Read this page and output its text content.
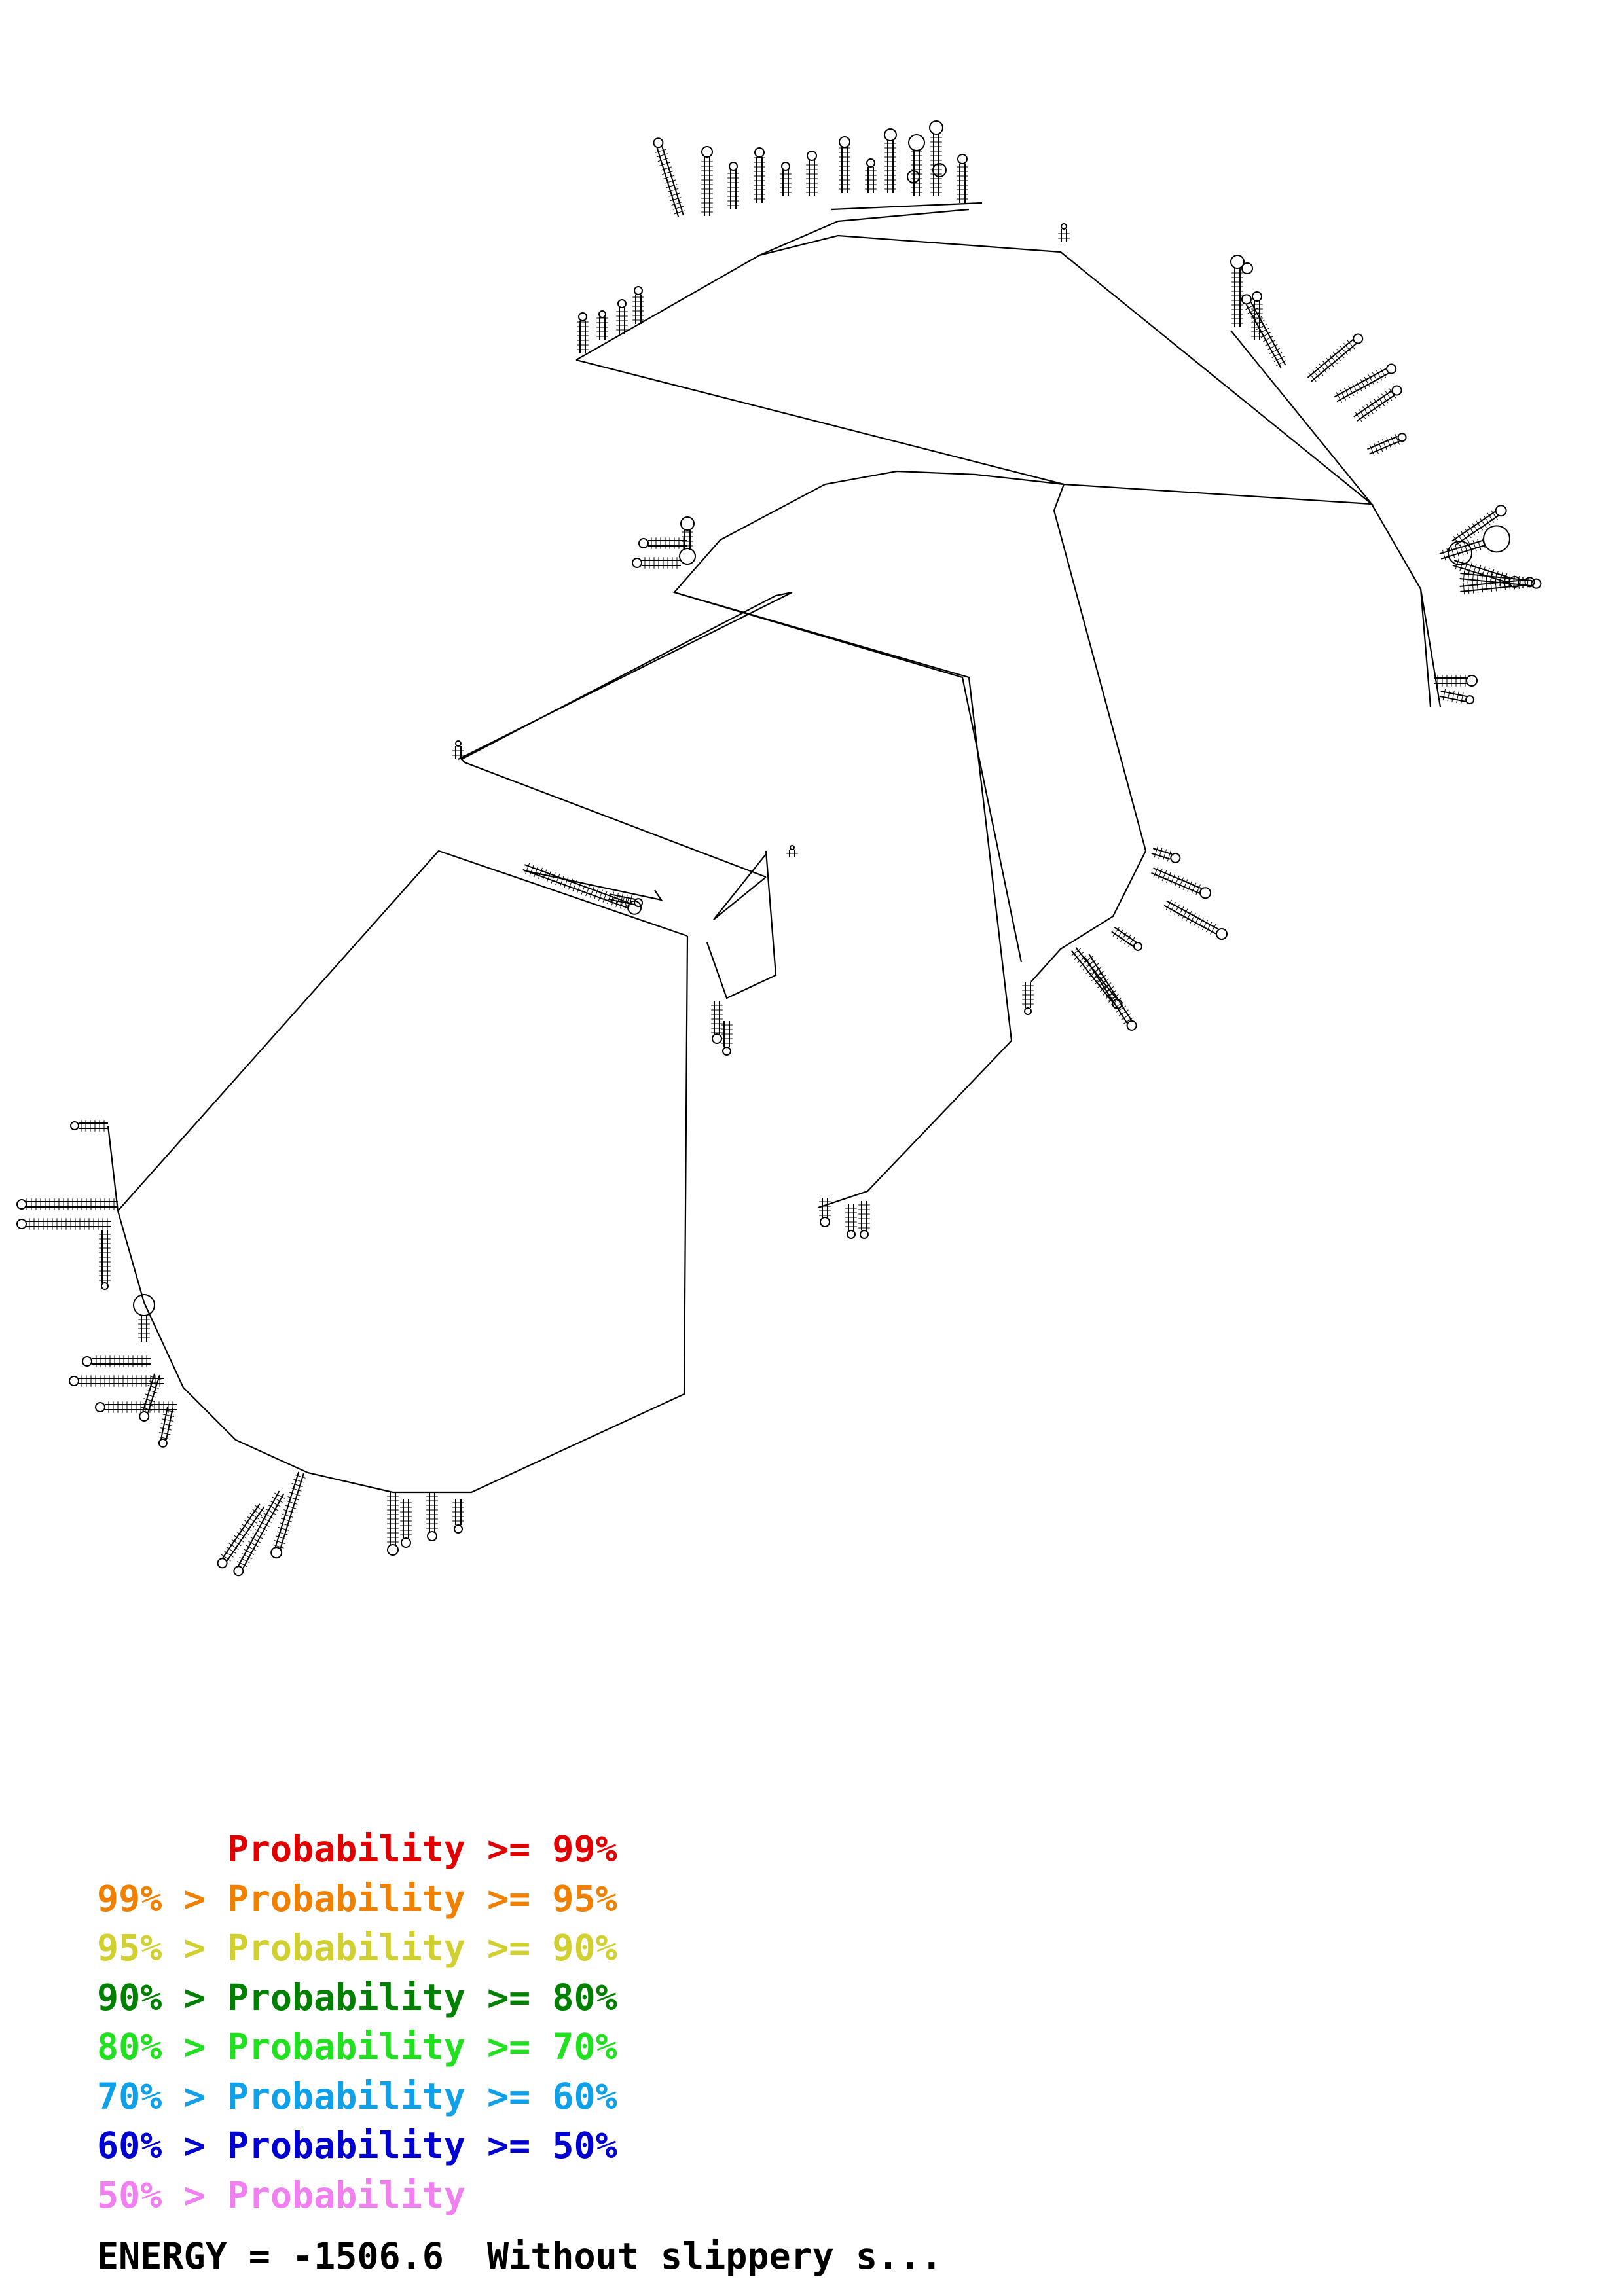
Probability >= 99%
99% > Probability >= 95%
95% > Probability >= 90%
90% > Probability >= 80%
80% > Probability >= 70%
70% > Probability >= 60%
60% > Probability >= 50%
50% > Probability
ENERGY = -1506.6  Without slippery s...
